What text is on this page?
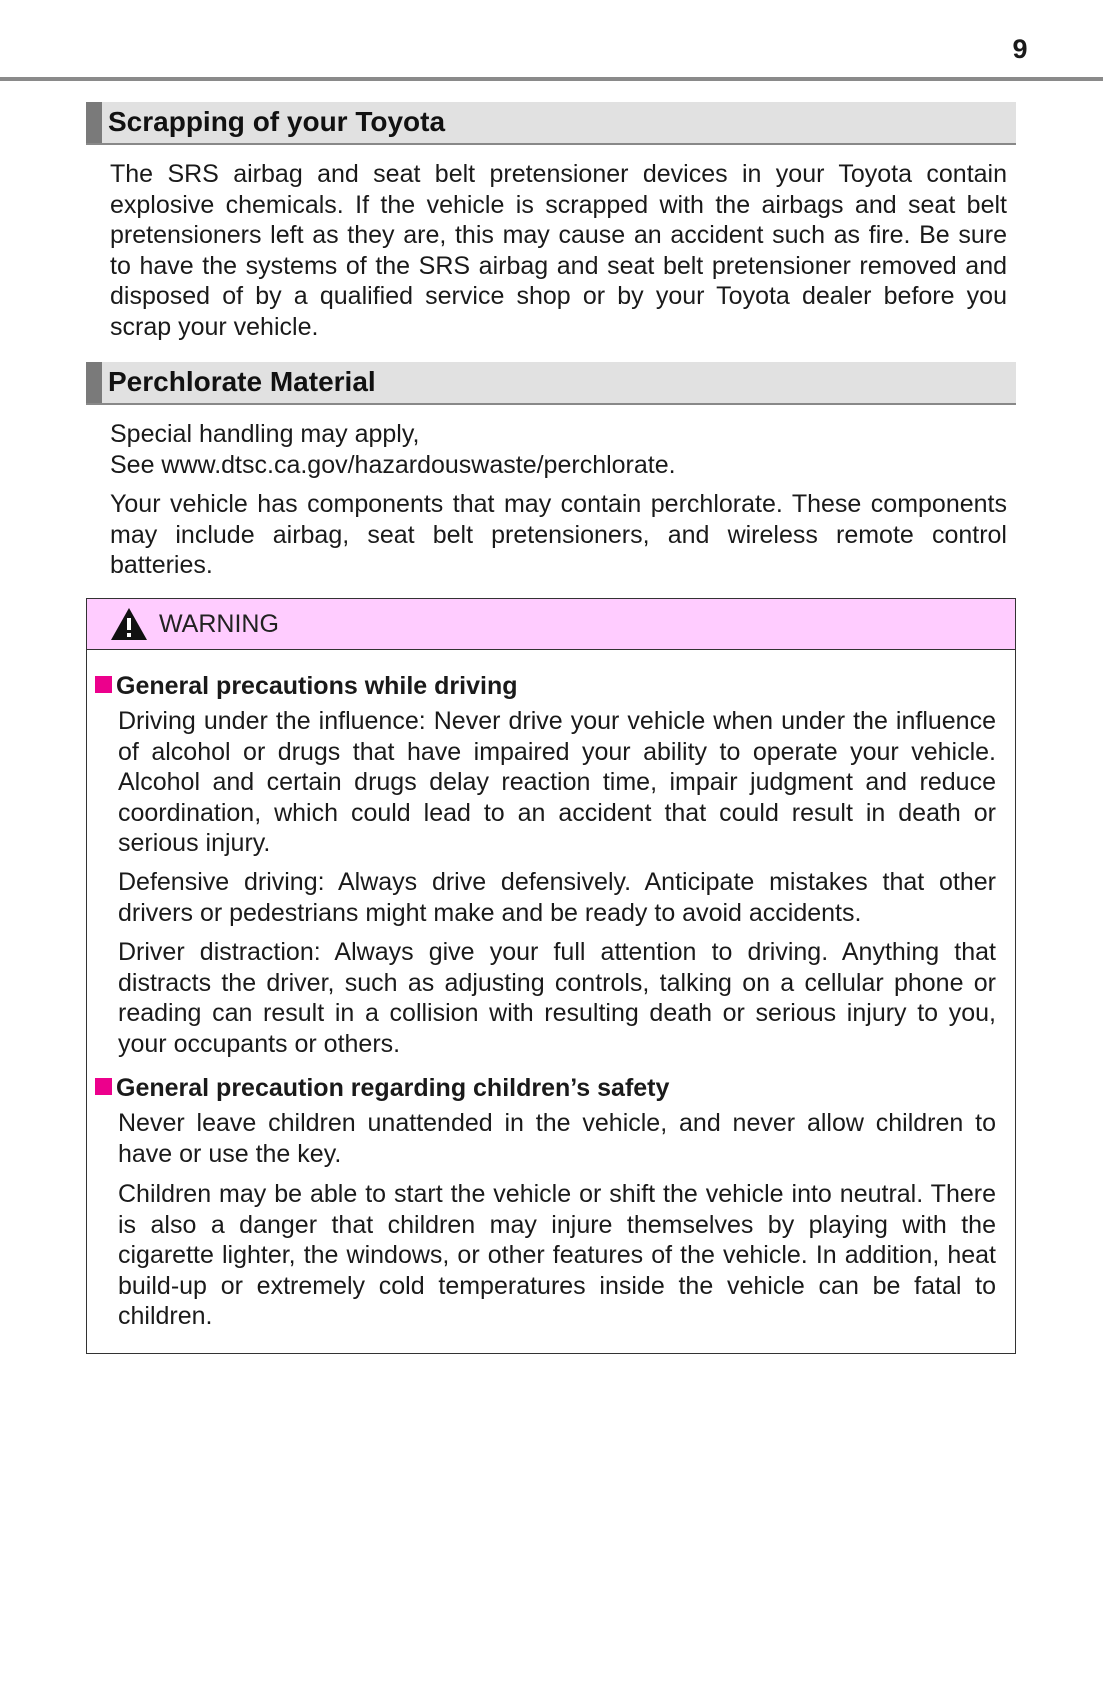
9
Scrapping of your Toyota

The SRS airbag and seat belt pretensioner devices in your Toyota contain explosive chemicals. If the vehicle is scrapped with the airbags and seat belt pretensioners left as they are, this may cause an accident such as fire. Be sure to have the systems of the SRS airbag and seat belt pretensioner removed and disposed of by a qualified service shop or by your Toyota dealer before you scrap your vehicle.

Perchlorate Material

Special handling may apply,

See www.dtsc.ca.gov/hazardouswaste/perchlorate.

Your vehicle has components that may contain perchlorate. These components may include airbag, seat belt pretensioners, and wireless remote control batteries.

WARNING
General precautions while driving

Driving under the influence: Never drive your vehicle when under the influence of alcohol or drugs that have impaired your ability to operate your vehicle. Alcohol and certain drugs delay reaction time, impair judgment and reduce coordination, which could lead to an accident that could result in death or serious injury.

Defensive driving: Always drive defensively. Anticipate mistakes that other drivers or pedestrians might make and be ready to avoid accidents.

Driver distraction: Always give your full attention to driving. Anything that distracts the driver, such as adjusting controls, talking on a cellular phone or reading can result in a collision with resulting death or serious injury to you, your occupants or others.

General precaution regarding children’s safety

Never leave children unattended in the vehicle, and never allow children to have or use the key.

Children may be able to start the vehicle or shift the vehicle into neutral. There is also a danger that children may injure themselves by playing with the cigarette lighter, the windows, or other features of the vehicle. In addition, heat build-up or extremely cold temperatures inside the vehicle can be fatal to children.
